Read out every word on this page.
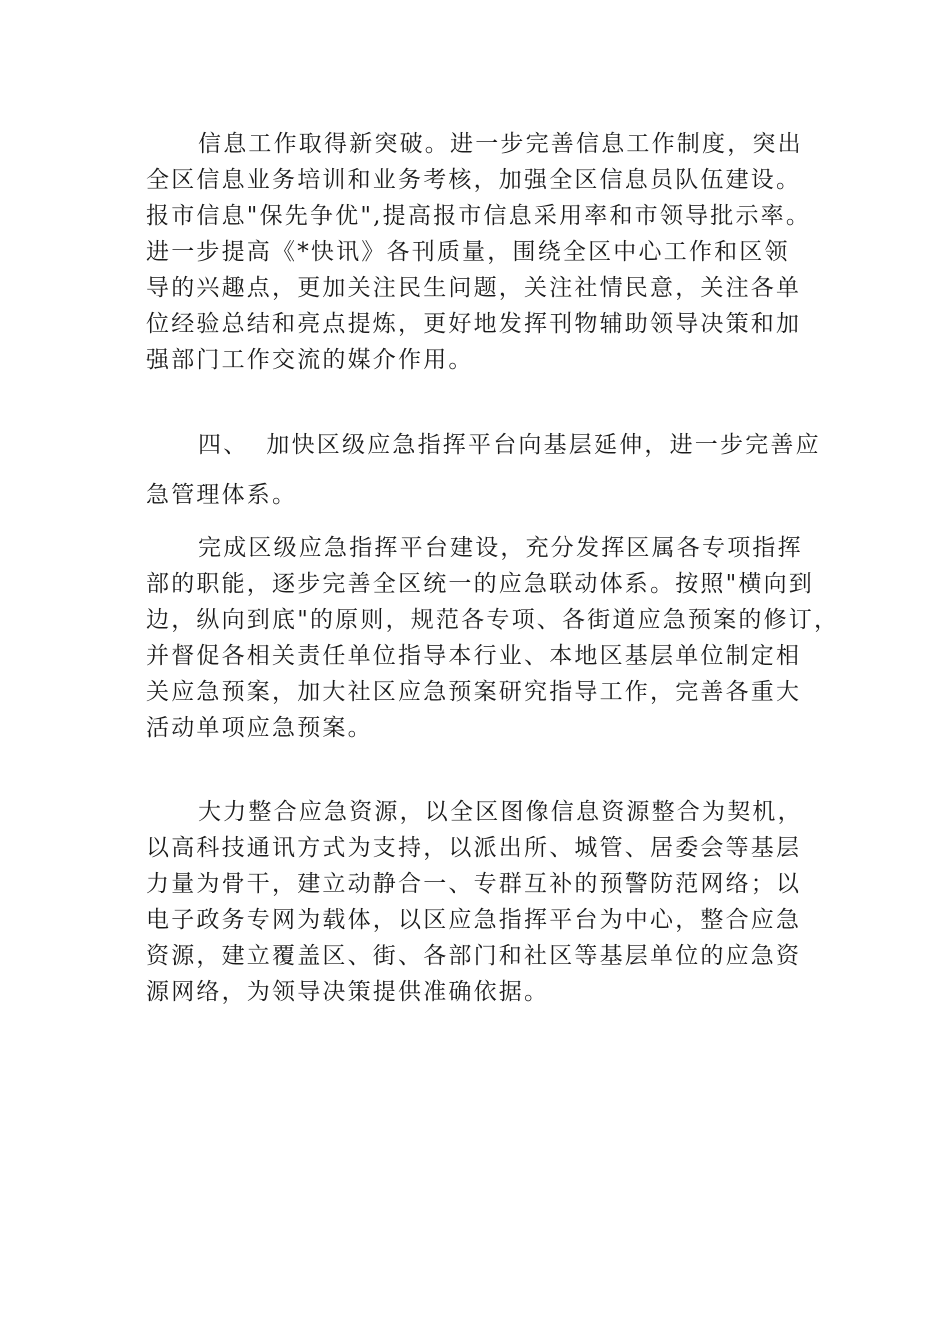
信息工作取得新突破。进一步完善信息工作制度，突出
全区信息业务培训和业务考核，加强全区信息员队伍建设。
报市信息"保先争优",提高报市信息采用率和市领导批示率。
进一步提高《*快讯》各刊质量，围绕全区中心工作和区领
导的兴趣点，更加关注民生问题，关注社情民意，关注各单
位经验总结和亮点提炼，更好地发挥刊物辅助领导决策和加
强部门工作交流的媒介作用。
四、 加快区级应急指挥平台向基层延伸，进一步完善应
急管理体系。
完成区级应急指挥平台建设，充分发挥区属各专项指挥
部的职能，逐步完善全区统一的应急联动体系。按照"横向到
边，纵向到底"的原则，规范各专项、各街道应急预案的修订，
并督促各相关责任单位指导本行业、本地区基层单位制定相
关应急预案，加大社区应急预案研究指导工作，完善各重大
活动单项应急预案。
大力整合应急资源，以全区图像信息资源整合为契机，
以高科技通讯方式为支持，以派出所、城管、居委会等基层
力量为骨干，建立动静合一、专群互补的预警防范网络；以
电子政务专网为载体，以区应急指挥平台为中心，整合应急
资源，建立覆盖区、街、各部门和社区等基层单位的应急资
源网络，为领导决策提供准确依据。
